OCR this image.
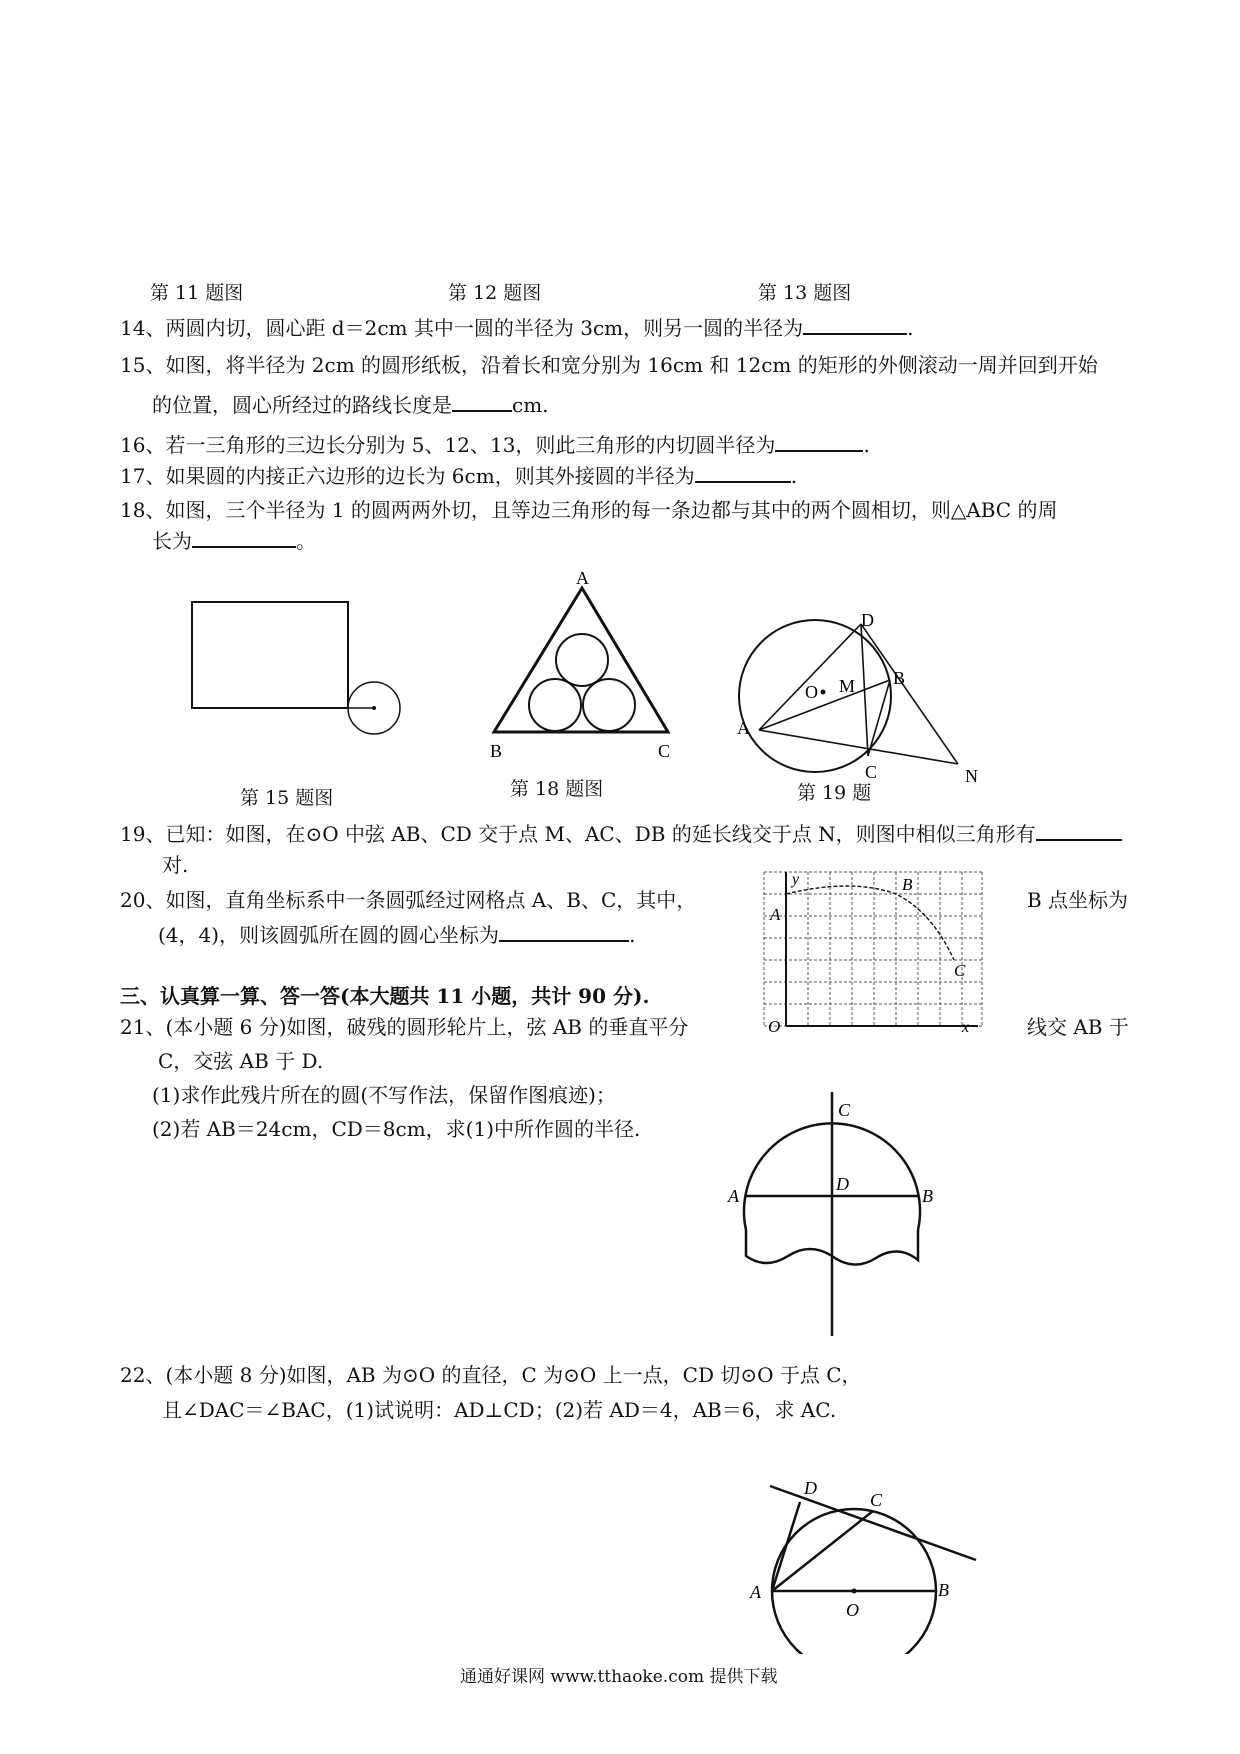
第 11 题图	第 12 题图	第 13 题图
14、两圆内切，圆心距 d＝2cm 其中一圆的半径为 3cm，则另一圆的半径为	.
15、如图，将半径为 2cm 的圆形纸板，沿着长和宽分别为 16cm 和 12cm 的矩形的外侧滚动一周并回到开始
的位置，圆心所经过的路线长度是	cm.
16、若一三角形的三边长分别为 5、12、13，则此三角形的内切圆半径为	.
17、如果圆的内接正六边形的边长为 6cm，则其外接圆的半径为	.
18、如图，三个半径为 1 的圆两两外切，且等边三角形的每一条边都与其中的两个圆相切，则△ABC 的周
长为	。
第 15 题图
A
B	C
第 18 题图
D
O M B
A
C	N
第 19 题
19、已知：如图，在⊙O 中弦 AB、CD 交于点 M、AC、DB 的延长线交于点 N，则图中相似三角形有
对.
20、如图，直角坐标系中一条圆弧经过网格点 A、B、C，其中，	B 点坐标为
(4，4)，则该圆弧所在圆的圆心坐标为	.
y
A
B
C
O	x
三、认真算一算、答一答(本大题共 11 小题，共计 90 分).
21、(本小题 6 分)如图，破残的圆形轮片上，弦 AB 的垂直平分	线交 AB 于
C，交弦 AB 于 D.
(1)求作此残片所在的圆(不写作法，保留作图痕迹)；
(2)若 AB＝24cm，CD＝8cm，求(1)中所作圆的半径.
C
A
D
B
22、(本小题 8 分)如图，AB 为⊙O 的直径，C 为⊙O 上一点，CD 切⊙O 于点 C，
且∠DAC＝∠BAC，(1)试说明：AD⊥CD；(2)若 AD＝4，AB＝6，求 AC.
D
C
A
O
B
通通好课网 www.tthaoke.com 提供下载
